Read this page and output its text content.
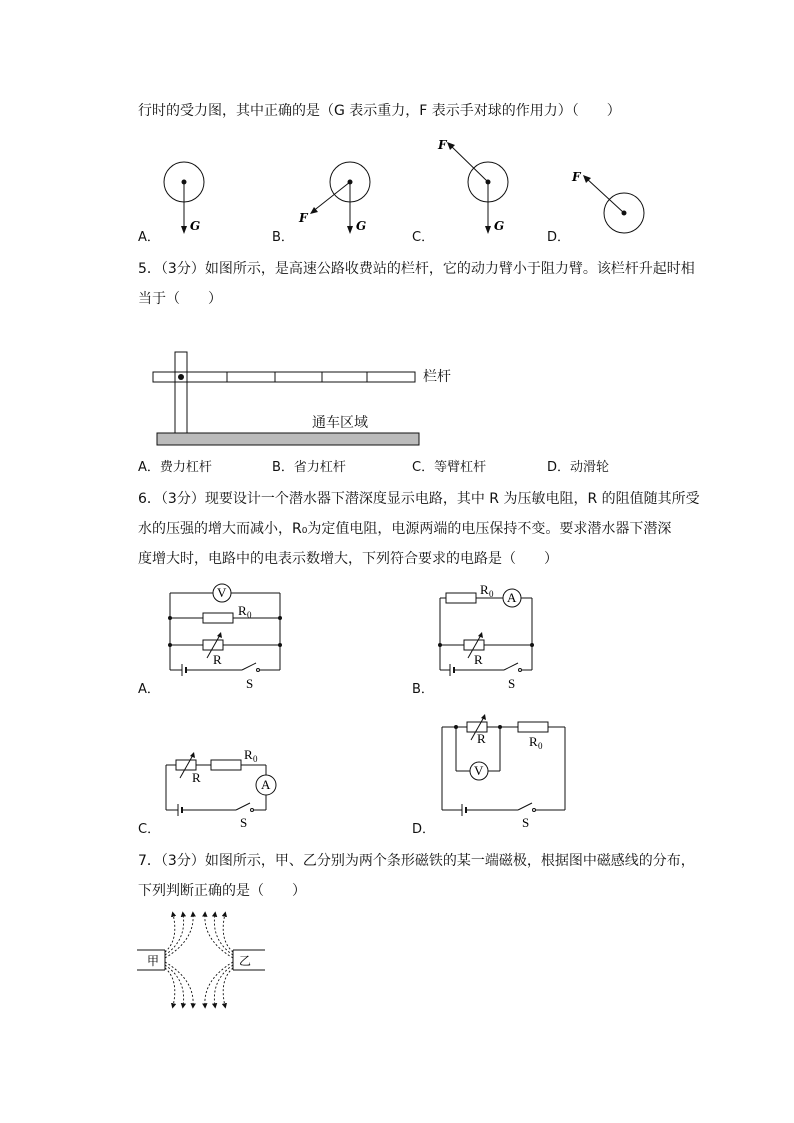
行时的受力图，其中正确的是（G 表示重力，F 表示手对球的作用力）（　　）
G
A．
G
F
B．
G
F
C．
F
D．
5．（3分）如图所示，是高速公路收费站的栏杆，它的动力臂小于阻力臂。该栏杆升起时相
当于（　　）
栏杆
通车区域
A．费力杠杆	B．省力杠杆	C．等臂杠杆	D．动滑轮
6．（3分）现要设计一个潜水器下潜深度显示电路，其中 R 为压敏电阻，R 的阻值随其所受
水的压强的增大而减小，R₀为定值电阻，电源两端的电压保持不变。要求潜水器下潜深
度增大时，电路中的电表示数增大，下列符合要求的电路是（　　）
V
R 0
R
S
A．
R 0 A
R
S
B．
R
R 0
A
S
C．
R	R 0
V
S
D．
7．（3分）如图所示，甲、乙分别为两个条形磁铁的某一端磁极，根据图中磁感线的分布，
下列判断正确的是（　　）
甲	乙
